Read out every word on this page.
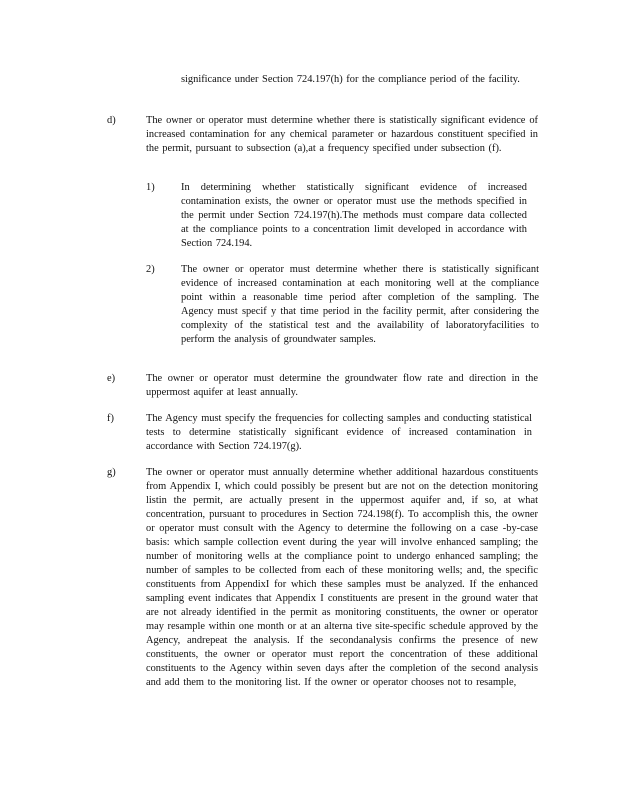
significance under Section 724.197(h) for the compliance period of the facility.
d)	The owner or operator must determine whether there is statistically significant evidence of increased contamination for any chemical parameter or hazardous constituent specified in the permit, pursuant to subsection (a),at a frequency specified under subsection (f).
1)	In determining whether statistically significant evidence of increased contamination exists, the owner or operator must use the methods specified in the permit under Section 724.197(h).The methods must compare data collected at the compliance points to a concentration limit developed in accordance with Section 724.194.
2)	The owner or operator must determine whether there is statistically significant evidence of increased contamination at each monitoring well at the compliance point within a reasonable time period after completion of the sampling. The Agency must specif y that time period in the facility permit, after considering the complexity of the statistical test and the availability of laboratoryfacilities to perform the analysis of groundwater samples.
e)	The owner or operator must determine the groundwater flow rate and direction in the uppermost aquifer at least annually.
f)	The Agency must specify the frequencies for collecting samples and conducting statistical tests to determine statistically significant evidence of increased contamination in accordance with Section 724.197(g).
g)	The owner or operator must annually determine whether additional hazardous constituents from Appendix I, which could possibly be present but are not on the detection monitoring listin the permit, are actually present in the uppermost aquifer and, if so, at what concentration, pursuant to procedures in Section 724.198(f). To accomplish this, the owner or operator must consult with the Agency to determine the following on a case -by-case basis: which sample collection event during the year will involve enhanced sampling; the number of monitoring wells at the compliance point to undergo enhanced sampling; the number of samples to be collected from each of these monitoring wells; and, the specific constituents from AppendixI for which these samples must be analyzed. If the enhanced sampling event indicates that Appendix I constituents are present in the ground water that are not already identified in the permit as monitoring constituents, the owner or operator may resample within one month or at an alterna tive site-specific schedule approved by the Agency, andrepeat the analysis. If the secondanalysis confirms the presence of new constituents, the owner or operator must report the concentration of these additional constituents to the Agency within seven days after the completion of the second analysis and add them to the monitoring list. If the owner or operator chooses not to resample,
